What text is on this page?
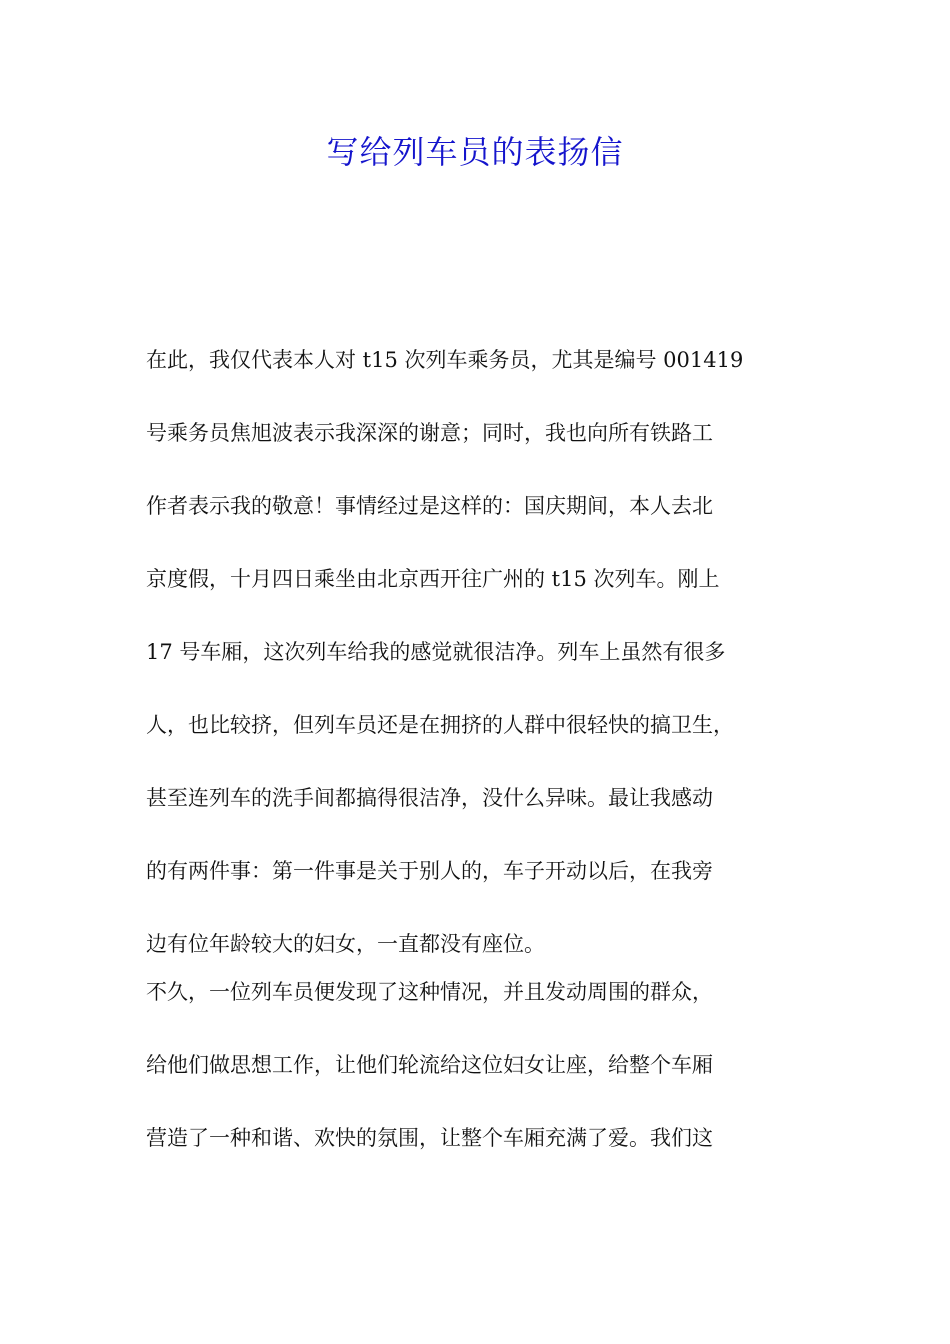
写给列车员的表扬信
在此，我仅代表本人对 t15 次列车乘务员，尤其是编号 001419
号乘务员焦旭波表示我深深的谢意；同时，我也向所有铁路工
作者表示我的敬意！事情经过是这样的：国庆期间，本人去北
京度假，十月四日乘坐由北京西开往广州的 t15 次列车。刚上
17 号车厢，这次列车给我的感觉就很洁净。列车上虽然有很多
人，也比较挤，但列车员还是在拥挤的人群中很轻快的搞卫生，
甚至连列车的洗手间都搞得很洁净，没什么异味。最让我感动
的有两件事：第一件事是关于别人的，车子开动以后，在我旁
边有位年龄较大的妇女，一直都没有座位。
不久，一位列车员便发现了这种情况，并且发动周围的群众，
给他们做思想工作，让他们轮流给这位妇女让座，给整个车厢
营造了一种和谐、欢快的氛围，让整个车厢充满了爱。我们这
